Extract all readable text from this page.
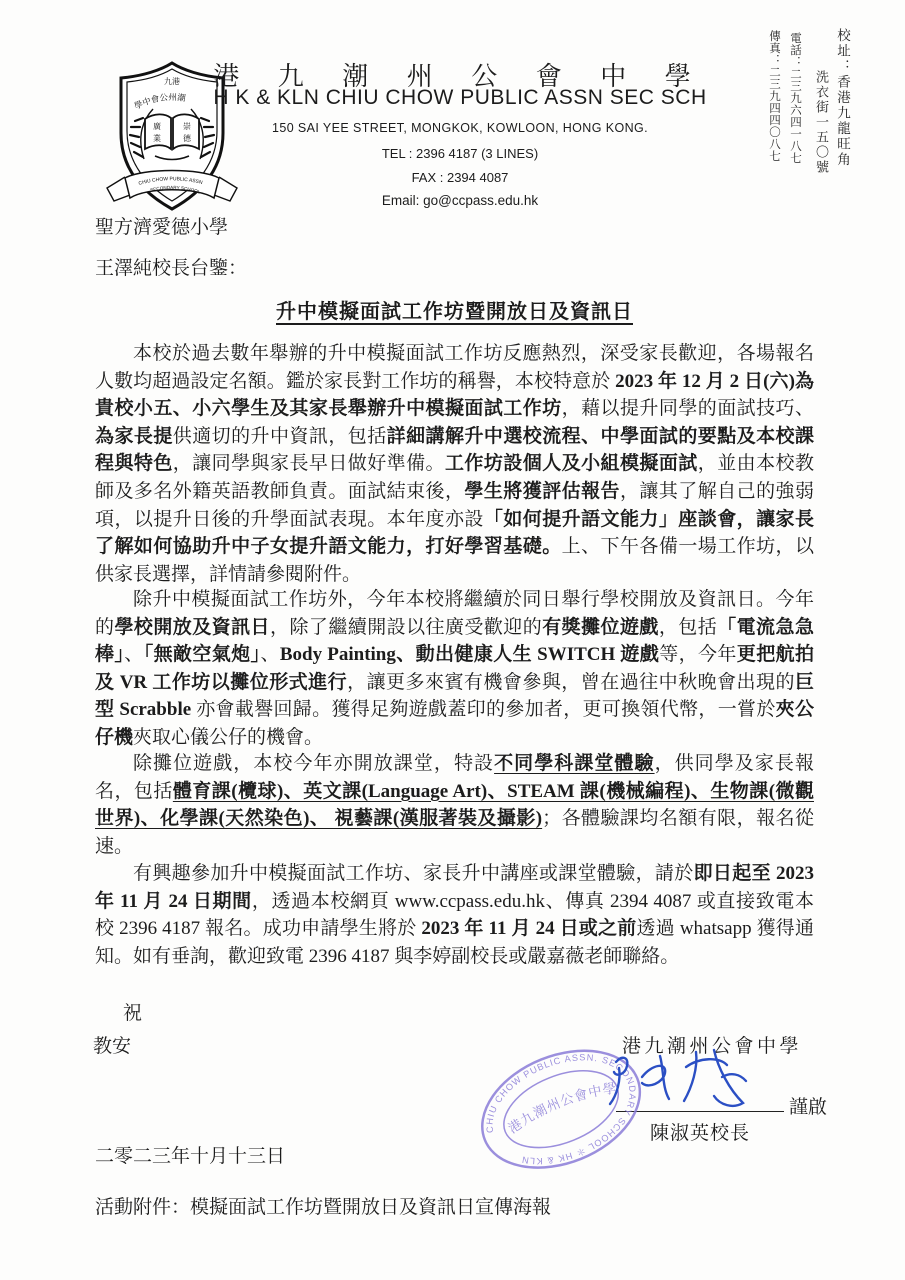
九港
學中會公州潮
廣
業
崇
德
CHIU CHOW PUBLIC ASSN
SECONDARY SCHOOL
港 九 潮 州 公 會 中 學
H K & KLN CHIU CHOW PUBLIC ASSN SEC SCH
150 SAI YEE STREET, MONGKOK, KOWLOON, HONG KONG.
TEL : 2396 4187 (3 LINES)
FAX : 2394 4087
Email: go@ccpass.edu.hk
校址：香港九龍旺角
洗衣街一五〇號
電話：二三九六四一八七
傳真：二三九四四〇八七
聖方濟愛德小學
王澤純校長台鑒：
升中模擬面試工作坊暨開放日及資訊日
本校於過去數年舉辦的升中模擬面試工作坊反應熱烈，深受家長歡迎，各場報名人數均超過設定名額。鑑於家長對工作坊的稱譽，本校特意於 2023 年 12 月 2 日(六)為　貴校小五、小六學生及其家長舉辦升中模擬面試工作坊，藉以提升同學的面試技巧、為家長提供適切的升中資訊，包括詳細講解升中選校流程、中學面試的要點及本校課程與特色，讓同學與家長早日做好準備。工作坊設個人及小組模擬面試，並由本校教師及多名外籍英語教師負責。面試結束後，學生將獲評估報告，讓其了解自己的強弱項，以提升日後的升學面試表現。本年度亦設「如何提升語文能力」座談會，讓家長了解如何協助升中子女提升語文能力，打好學習基礎。上、下午各備一場工作坊，以供家長選擇，詳情請參閱附件。
除升中模擬面試工作坊外，今年本校將繼續於同日舉行學校開放及資訊日。今年的學校開放及資訊日，除了繼續開設以往廣受歡迎的有獎攤位遊戲，包括「電流急急棒」、「無敵空氣炮」、Body Painting、動出健康人生 SWITCH 遊戲等，今年更把航拍及 VR 工作坊以攤位形式進行，讓更多來賓有機會參與，曾在過往中秋晚會出現的巨型 Scrabble 亦會載譽回歸。獲得足夠遊戲蓋印的參加者，更可換領代幣，一嘗於夾公仔機夾取心儀公仔的機會。
除攤位遊戲，本校今年亦開放課堂，特設不同學科課堂體驗，供同學及家長報名，包括體育課(欖球)、英文課(Language Art)、STEAM 課(機械編程)、生物課(微觀世界)、化學課(天然染色)、 視藝課(漢服著裝及攝影)；各體驗課均名額有限，報名從速。
有興趣參加升中模擬面試工作坊、家長升中講座或課堂體驗，請於即日起至 2023 年 11 月 24 日期間，透過本校網頁 www.ccpass.edu.hk、傳真 2394 4087 或直接致電本校 2396 4187 報名。成功申請學生將於 2023 年 11 月 24 日或之前透過 whatsapp 獲得通知。如有垂詢，歡迎致電 2396 4187 與李婷副校長或嚴嘉薇老師聯絡。
祝
教安	港九潮州公會中學
CHIU CHOW PUBLIC ASSN. SECONDARY SCHOOL ＊ HK & KLN
港九潮州公會中學
謹啟
陳淑英校長
二零二三年十月十三日
活動附件：模擬面試工作坊暨開放日及資訊日宣傳海報
